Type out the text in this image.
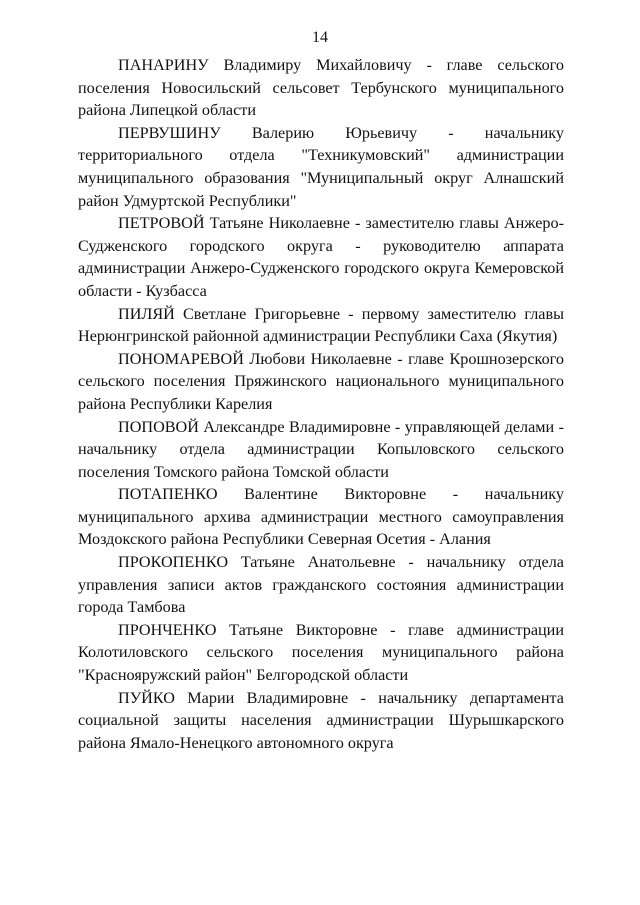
14

ПАНАРИНУ Владимиру Михайловичу - главе сельского поселения Новосильский сельсовет Тербунского муниципального района Липецкой области

ПЕРВУШИНУ Валерию Юрьевичу - начальнику территориального отдела "Техникумовский" администрации муниципального образования "Муниципальный округ Алнашский район Удмуртской Республики"

ПЕТРОВОЙ Татьяне Николаевне - заместителю главы Анжеро-Судженского городского округа - руководителю аппарата администрации Анжеро-Судженского городского округа Кемеровской области - Кузбасса

ПИЛЯЙ Светлане Григорьевне - первому заместителю главы Нерюнгринской районной администрации Республики Саха (Якутия)

ПОНОМАРЕВОЙ Любови Николаевне - главе Крошнозерского сельского поселения Пряжинского национального муниципального района Республики Карелия

ПОПОВОЙ Александре Владимировне - управляющей делами - начальнику отдела администрации Копыловского сельского поселения Томского района Томской области

ПОТАПЕНКО Валентине Викторовне - начальнику муниципального архива администрации местного самоуправления Моздокского района Республики Северная Осетия - Алания

ПРОКОПЕНКО Татьяне Анатольевне - начальнику отдела управления записи актов гражданского состояния администрации города Тамбова

ПРОНЧЕНКО Татьяне Викторовне - главе администрации Колотиловского сельского поселения муниципального района "Краснояружский район" Белгородской области

ПУЙКО Марии Владимировне - начальнику департамента социальной защиты населения администрации Шурышкарского района Ямало-Ненецкого автономного округа
